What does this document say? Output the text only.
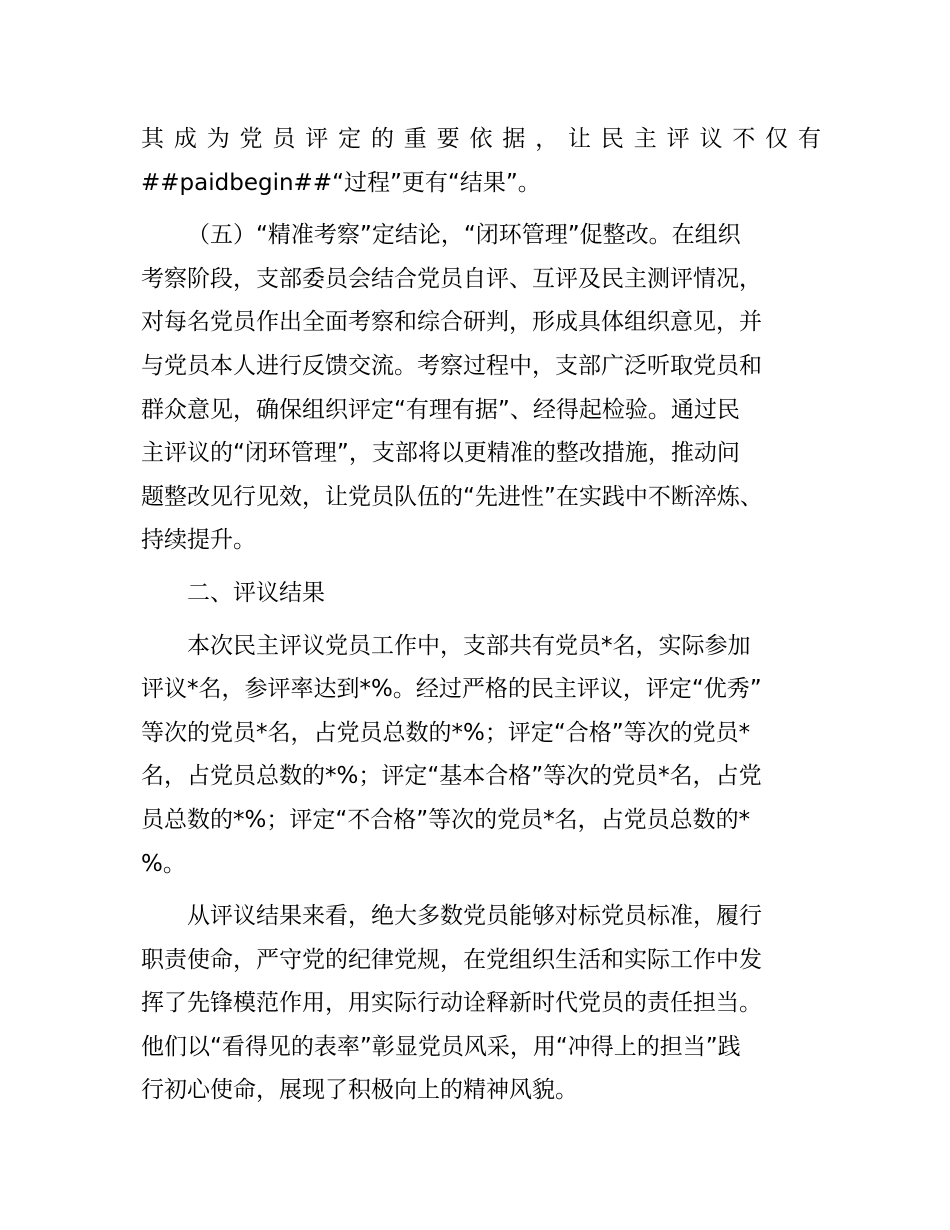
其成为党员评定的重要依据，让民主评议不仅有
##paidbegin##“过程”更有“结果”。
（五）“精准考察”定结论，“闭环管理”促整改。在组织
考察阶段，支部委员会结合党员自评、互评及民主测评情况，
对每名党员作出全面考察和综合研判，形成具体组织意见，并
与党员本人进行反馈交流。考察过程中，支部广泛听取党员和
群众意见，确保组织评定“有理有据”、经得起检验。通过民
主评议的“闭环管理”，支部将以更精准的整改措施，推动问
题整改见行见效，让党员队伍的“先进性”在实践中不断淬炼、
持续提升。
二、评议结果
本次民主评议党员工作中，支部共有党员*名，实际参加
评议*名，参评率达到*%。经过严格的民主评议，评定“优秀”
等次的党员*名，占党员总数的*%；评定“合格”等次的党员*
名，占党员总数的*%；评定“基本合格”等次的党员*名，占党
员总数的*%；评定“不合格”等次的党员*名，占党员总数的*
%。
从评议结果来看，绝大多数党员能够对标党员标准，履行
职责使命，严守党的纪律党规，在党组织生活和实际工作中发
挥了先锋模范作用，用实际行动诠释新时代党员的责任担当。
他们以“看得见的表率”彰显党员风采，用“冲得上的担当”践
行初心使命，展现了积极向上的精神风貌。
